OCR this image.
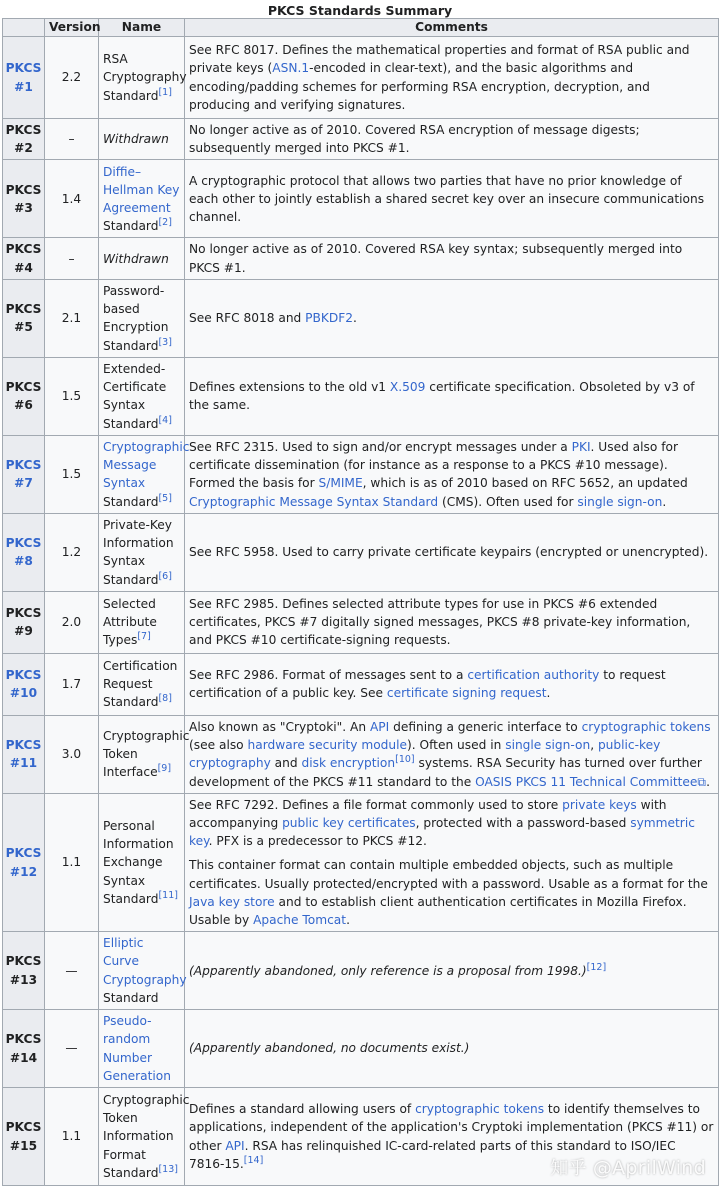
PKCS Standards Summary
	Version	Name	Comments
PKCS #1	2.2	RSA Cryptography Standard[1]	See RFC 8017. Defines the mathematical properties and format of RSA public and private keys (ASN.1-encoded in clear-text), and the basic algorithms and encoding/padding schemes for performing RSA encryption, decryption, and producing and verifying signatures.
PKCS #2	–	Withdrawn	No longer active as of 2010. Covered RSA encryption of message digests; subsequently merged into PKCS #1.
PKCS #3	1.4	Diffie–Hellman Key Agreement Standard[2]	A cryptographic protocol that allows two parties that have no prior knowledge of each other to jointly establish a shared secret key over an insecure communications channel.
PKCS #4	–	Withdrawn	No longer active as of 2010. Covered RSA key syntax; subsequently merged into PKCS #1.
PKCS #5	2.1	Password-based Encryption Standard[3]	See RFC 8018 and PBKDF2.
PKCS #6	1.5	Extended-Certificate Syntax Standard[4]	Defines extensions to the old v1 X.509 certificate specification. Obsoleted by v3 of the same.
PKCS #7	1.5	Cryptographic Message Syntax Standard[5]	See RFC 2315. Used to sign and/or encrypt messages under a PKI. Used also for certificate dissemination (for instance as a response to a PKCS #10 message). Formed the basis for S/MIME, which is as of 2010 based on RFC 5652, an updated Cryptographic Message Syntax Standard (CMS). Often used for single sign-on.
PKCS #8	1.2	Private-Key Information Syntax Standard[6]	See RFC 5958. Used to carry private certificate keypairs (encrypted or unencrypted).
PKCS #9	2.0	Selected Attribute Types[7]	See RFC 2985. Defines selected attribute types for use in PKCS #6 extended certificates, PKCS #7 digitally signed messages, PKCS #8 private-key information, and PKCS #10 certificate-signing requests.
PKCS #10	1.7	Certification Request Standard[8]	See RFC 2986. Format of messages sent to a certification authority to request certification of a public key. See certificate signing request.
PKCS #11	3.0	Cryptographic Token Interface[9]	Also known as "Cryptoki". An API defining a generic interface to cryptographic tokens (see also hardware security module). Often used in single sign-on, public-key cryptography and disk encryption[10] systems. RSA Security has turned over further development of the PKCS #11 standard to the OASIS PKCS 11 Technical Committee⧉.
PKCS #12	1.1	Personal Information Exchange Syntax Standard[11]	See RFC 7292. Defines a file format commonly used to store private keys with accompanying public key certificates, protected with a password-based symmetric key. PFX is a predecessor to PKCS #12.

This container format can contain multiple embedded objects, such as multiple certificates. Usually protected/encrypted with a password. Usable as a format for the Java key store and to establish client authentication certificates in Mozilla Firefox. Usable by Apache Tomcat.

PKCS #13	—	Elliptic Curve Cryptography Standard	(Apparently abandoned, only reference is a proposal from 1998.)[12]
PKCS #14	—	Pseudo-random Number Generation	(Apparently abandoned, no documents exist.)
PKCS #15	1.1	Cryptographic Token Information Format Standard[13]	Defines a standard allowing users of cryptographic tokens to identify themselves to applications, independent of the application's Cryptoki implementation (PKCS #11) or other API. RSA has relinquished IC-card-related parts of this standard to ISO/IEC 7816-15.[14]	知乎 @AprilWind
